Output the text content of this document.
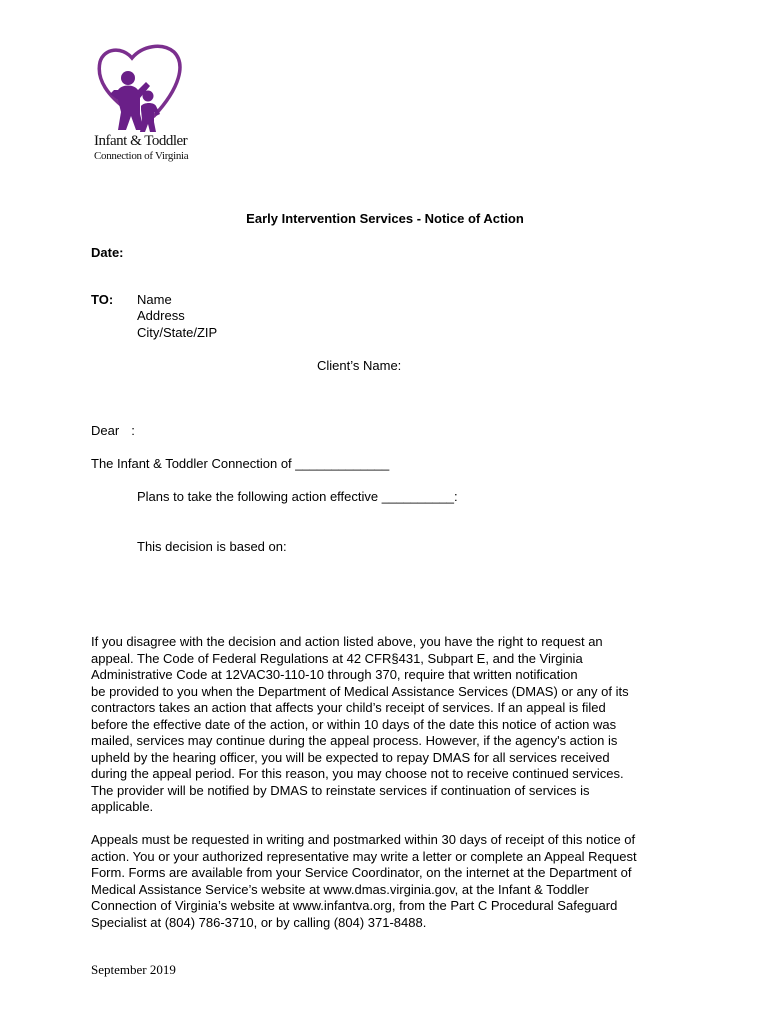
Infant & Toddler
Connection of Virginia
Early Intervention Services - Notice of Action
Date:
TO: Name
Address
City/State/ZIP
Client’s Name:
Dear :
The Infant & Toddler Connection of _____________
Plans to take the following action effective __________:
This decision is based on:

If you disagree with the decision and action listed above, you have the right to request an

appeal. The Code of Federal Regulations at 42 CFR§431, Subpart E, and the Virginia

Administrative Code at 12VAC30-110-10 through 370, require that written notification

be provided to you when the Department of Medical Assistance Services (DMAS) or any of its

contractors takes an action that affects your child’s receipt of services. If an appeal is filed

before the effective date of the action, or within 10 days of the date this notice of action was

mailed, services may continue during the appeal process. However, if the agency's action is

upheld by the hearing officer, you will be expected to repay DMAS for all services received

during the appeal period. For this reason, you may choose not to receive continued services.

The provider will be notified by DMAS to reinstate services if continuation of services is

applicable.

Appeals must be requested in writing and postmarked within 30 days of receipt of this notice of

action. You or your authorized representative may write a letter or complete an Appeal Request

Form. Forms are available from your Service Coordinator, on the internet at the Department of

Medical Assistance Service’s website at www.dmas.virginia.gov, at the Infant & Toddler

Connection of Virginia’s website at www.infantva.org, from the Part C Procedural Safeguard

Specialist at (804) 786-3710, or by calling (804) 371-8488.

September 2019
